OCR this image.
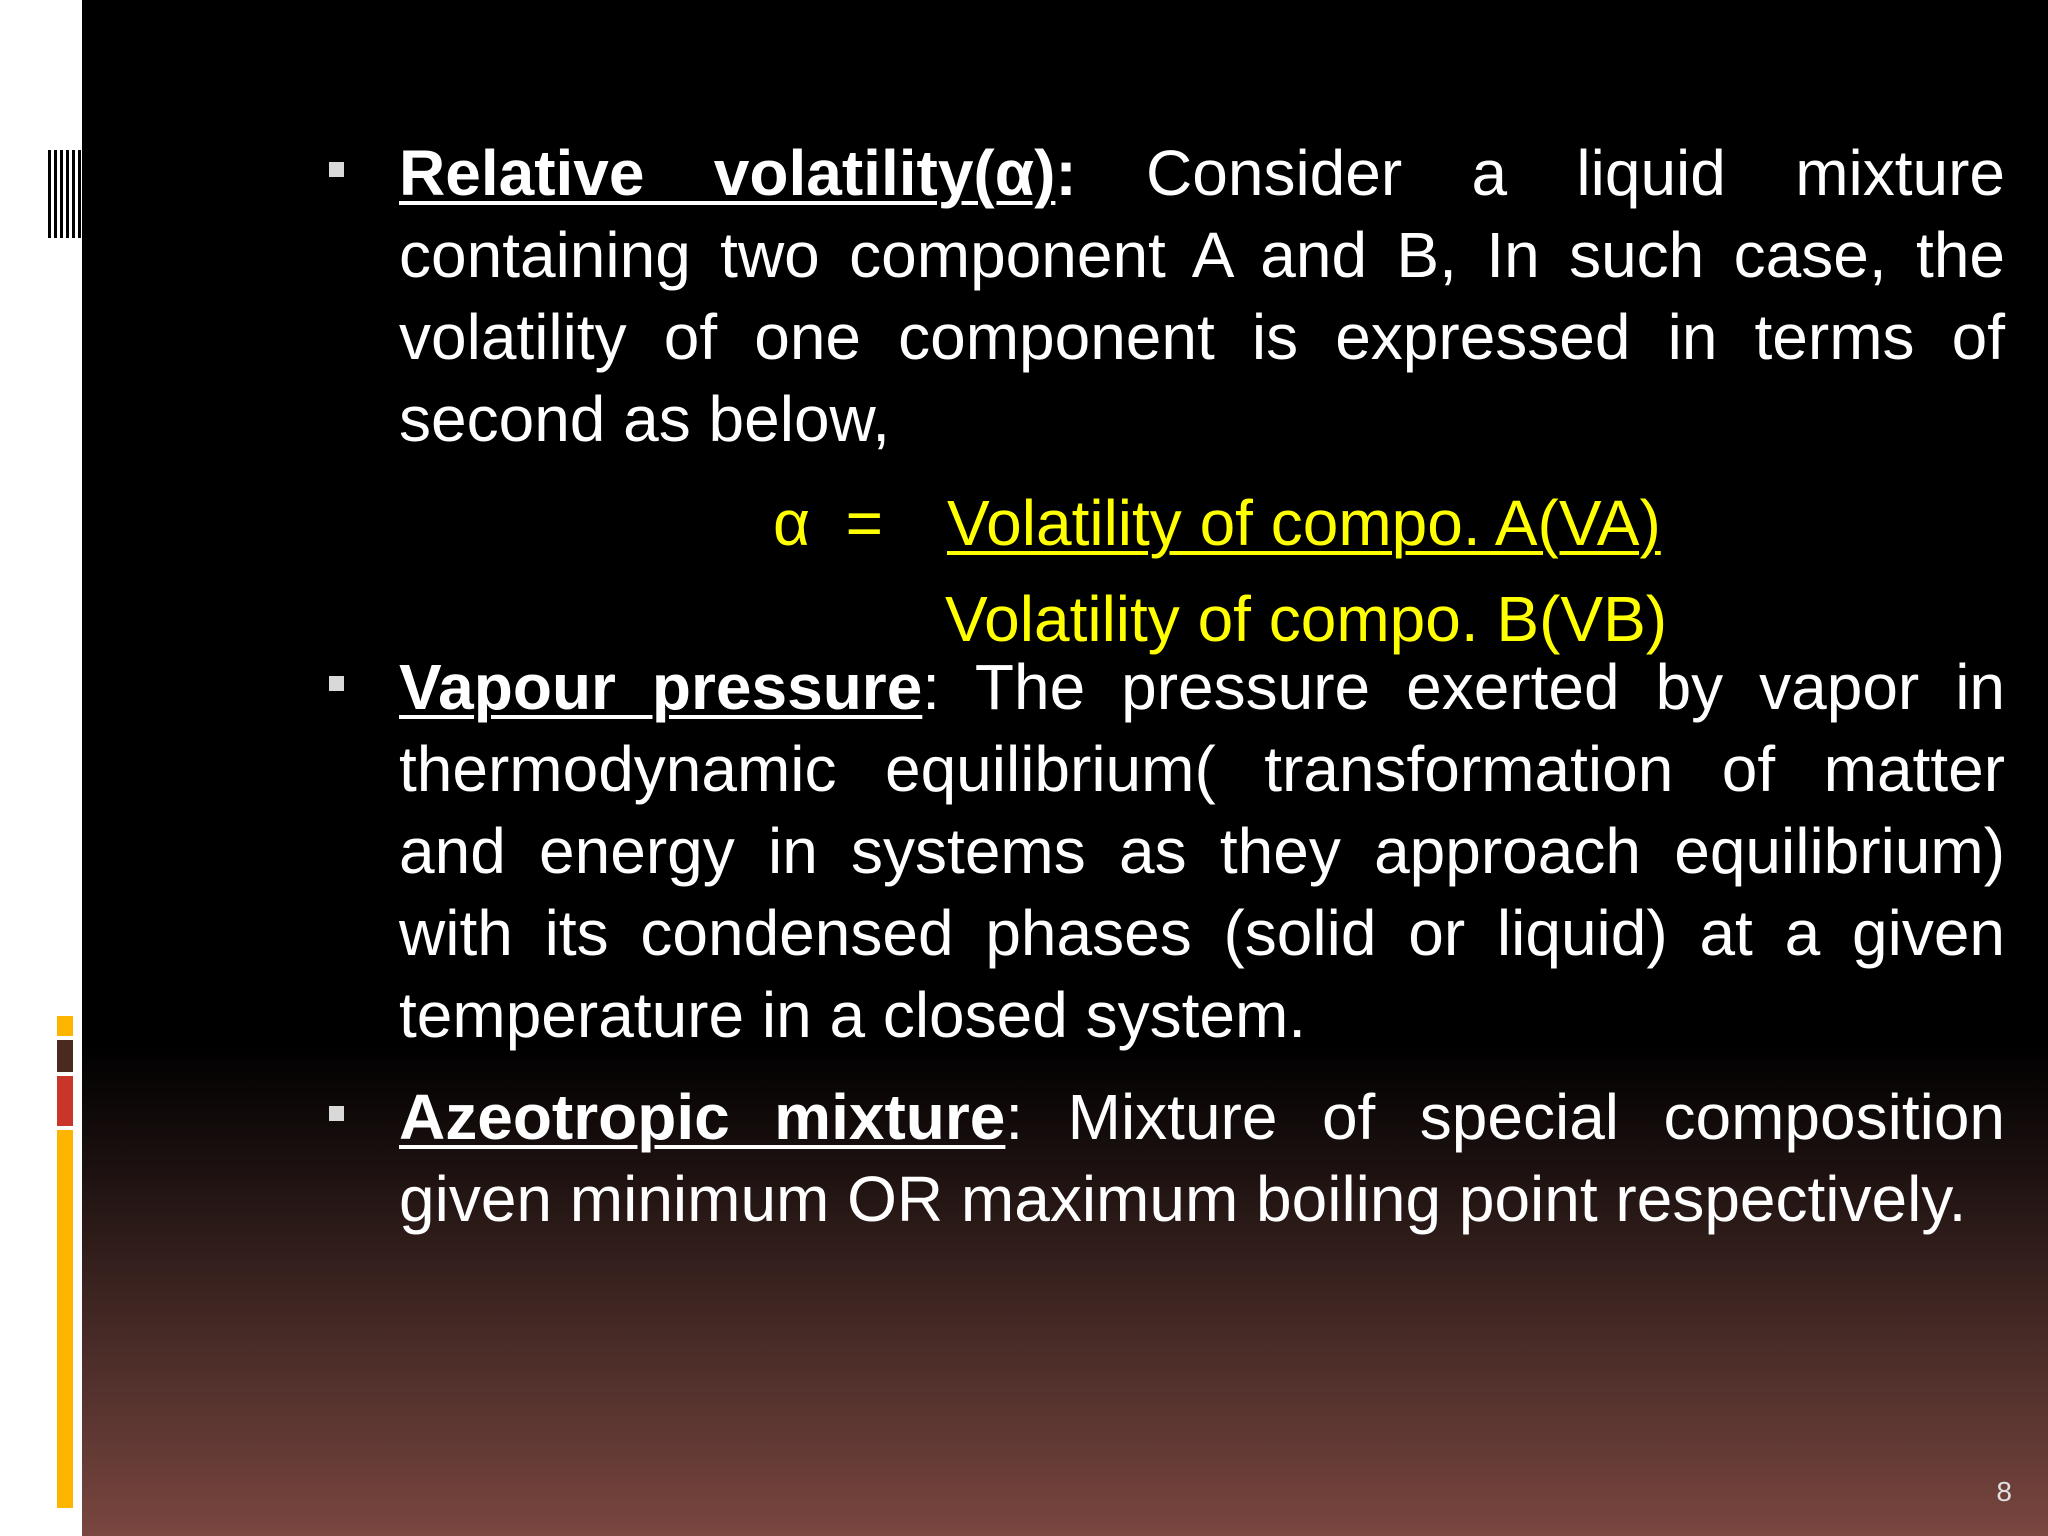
Relative volatility(α): Consider a liquid mixture containing two component A and B, In such case, the volatility of one component is expressed in terms of second as below,
α  = Volatility of compo. A(VA)
Volatility of compo. B(VB)
Vapour pressure: The pressure exerted by vapor in thermodynamic equilibrium( transformation of matter and energy in systems as they approach equilibrium) with its condensed phases (solid or liquid) at a given temperature in a closed system.
Azeotropic mixture: Mixture of special composition given minimum OR maximum boiling point respectively.
8
